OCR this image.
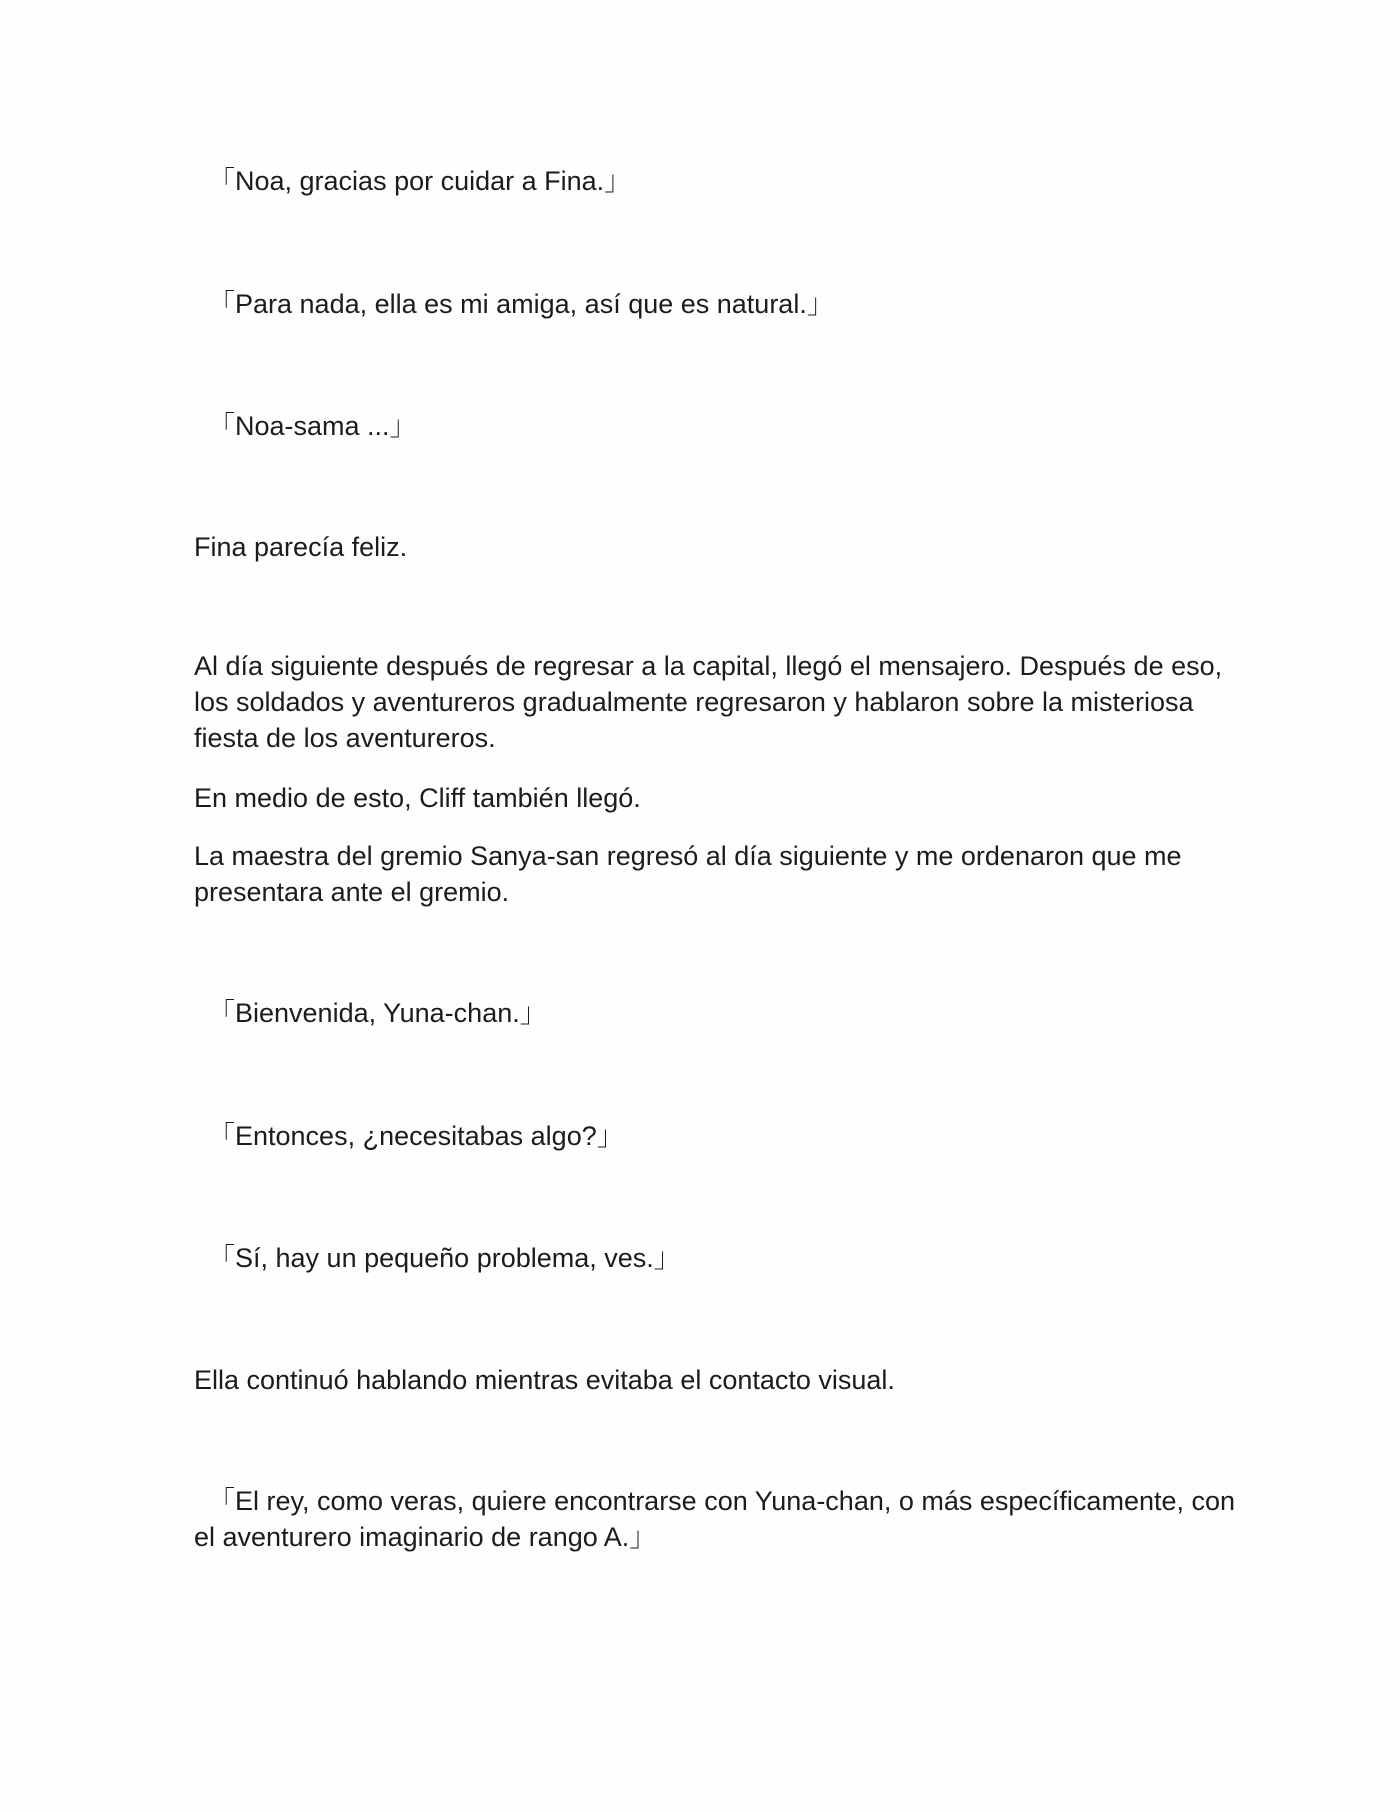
「Noa, gracias por cuidar a Fina.」

「Para nada, ella es mi amiga, así que es natural.」

「Noa-sama ...」

Fina parecía feliz.

Al día siguiente después de regresar a la capital, llegó el mensajero. Después de eso, los soldados y aventureros gradualmente regresaron y hablaron sobre la misteriosa fiesta de los aventureros.

En medio de esto, Cliff también llegó.

La maestra del gremio Sanya-san regresó al día siguiente y me ordenaron que me presentara ante el gremio.

「Bienvenida, Yuna-chan.」

「Entonces, ¿necesitabas algo?」

「Sí, hay un pequeño problema, ves.」

Ella continuó hablando mientras evitaba el contacto visual.

「El rey, como veras, quiere encontrarse con Yuna-chan, o más específicamente, con el aventurero imaginario de rango A.」
